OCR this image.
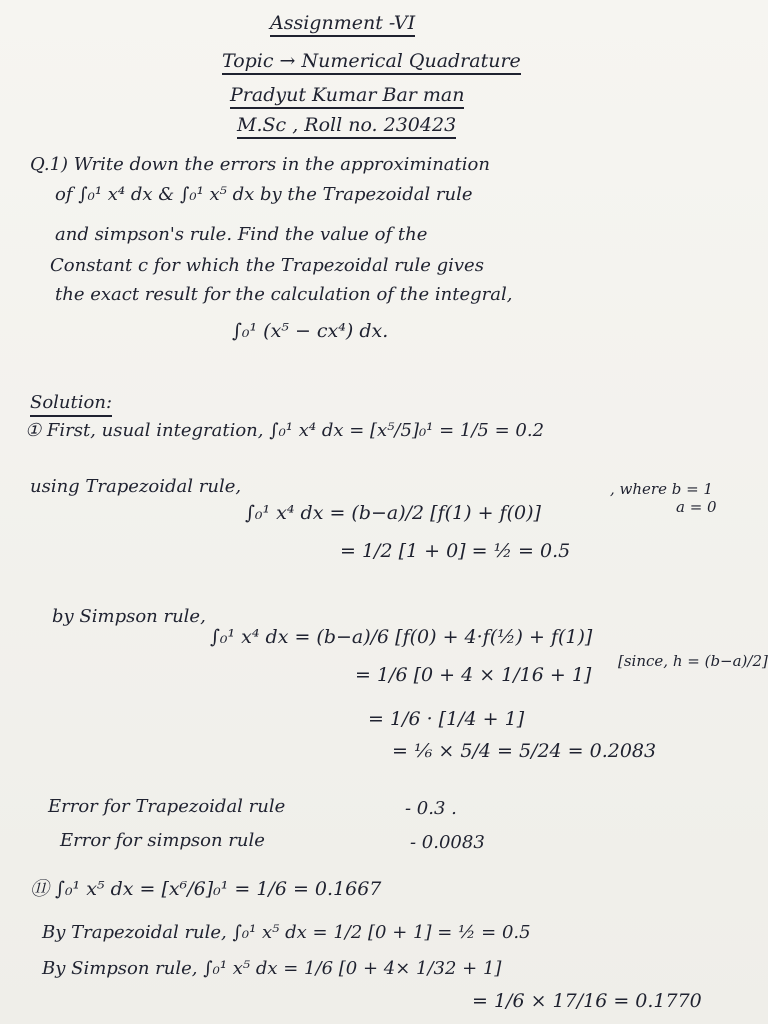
Assignment -VI
Topic → Numerical Quadrature
Pradyut Kumar Bar man
M.Sc , Roll no. 230423
Q.1) Write down the errors in the approximination
of ∫₀¹ x⁴ dx & ∫₀¹ x⁵ dx by the Trapezoidal rule
and simpson's rule. Find the value of the
Constant c for which the Trapezoidal rule gives
the exact result for the calculation of the integral,
∫₀¹ (x⁵ − cx⁴) dx.
Solution:
① First, usual integration, ∫₀¹ x⁴ dx = [x⁵/5]₀¹ = 1/5 = 0.2
using Trapezoidal rule,
∫₀¹ x⁴ dx = (b−a)/2 [f(1) + f(0)]
, where b = 1
a = 0
= 1/2 [1 + 0] = ½ = 0.5
by Simpson rule,
∫₀¹ x⁴ dx = (b−a)/6 [f(0) + 4·f(½) + f(1)]
= 1/6 [0 + 4 × 1/16 + 1]
[since, h = (b−a)/2]
= 1/6 · [1/4 + 1]
= ⅙ × 5/4 = 5/24 = 0.2083
Error for Trapezoidal rule	- 0.3 .
Error for simpson rule	- 0.0083
⑪ ∫₀¹ x⁵ dx = [x⁶/6]₀¹ = 1/6 = 0.1667
By Trapezoidal rule, ∫₀¹ x⁵ dx = 1/2 [0 + 1] = ½ = 0.5
By Simpson rule, ∫₀¹ x⁵ dx = 1/6 [0 + 4× 1/32 + 1]
= 1/6 × 17/16 = 0.1770
